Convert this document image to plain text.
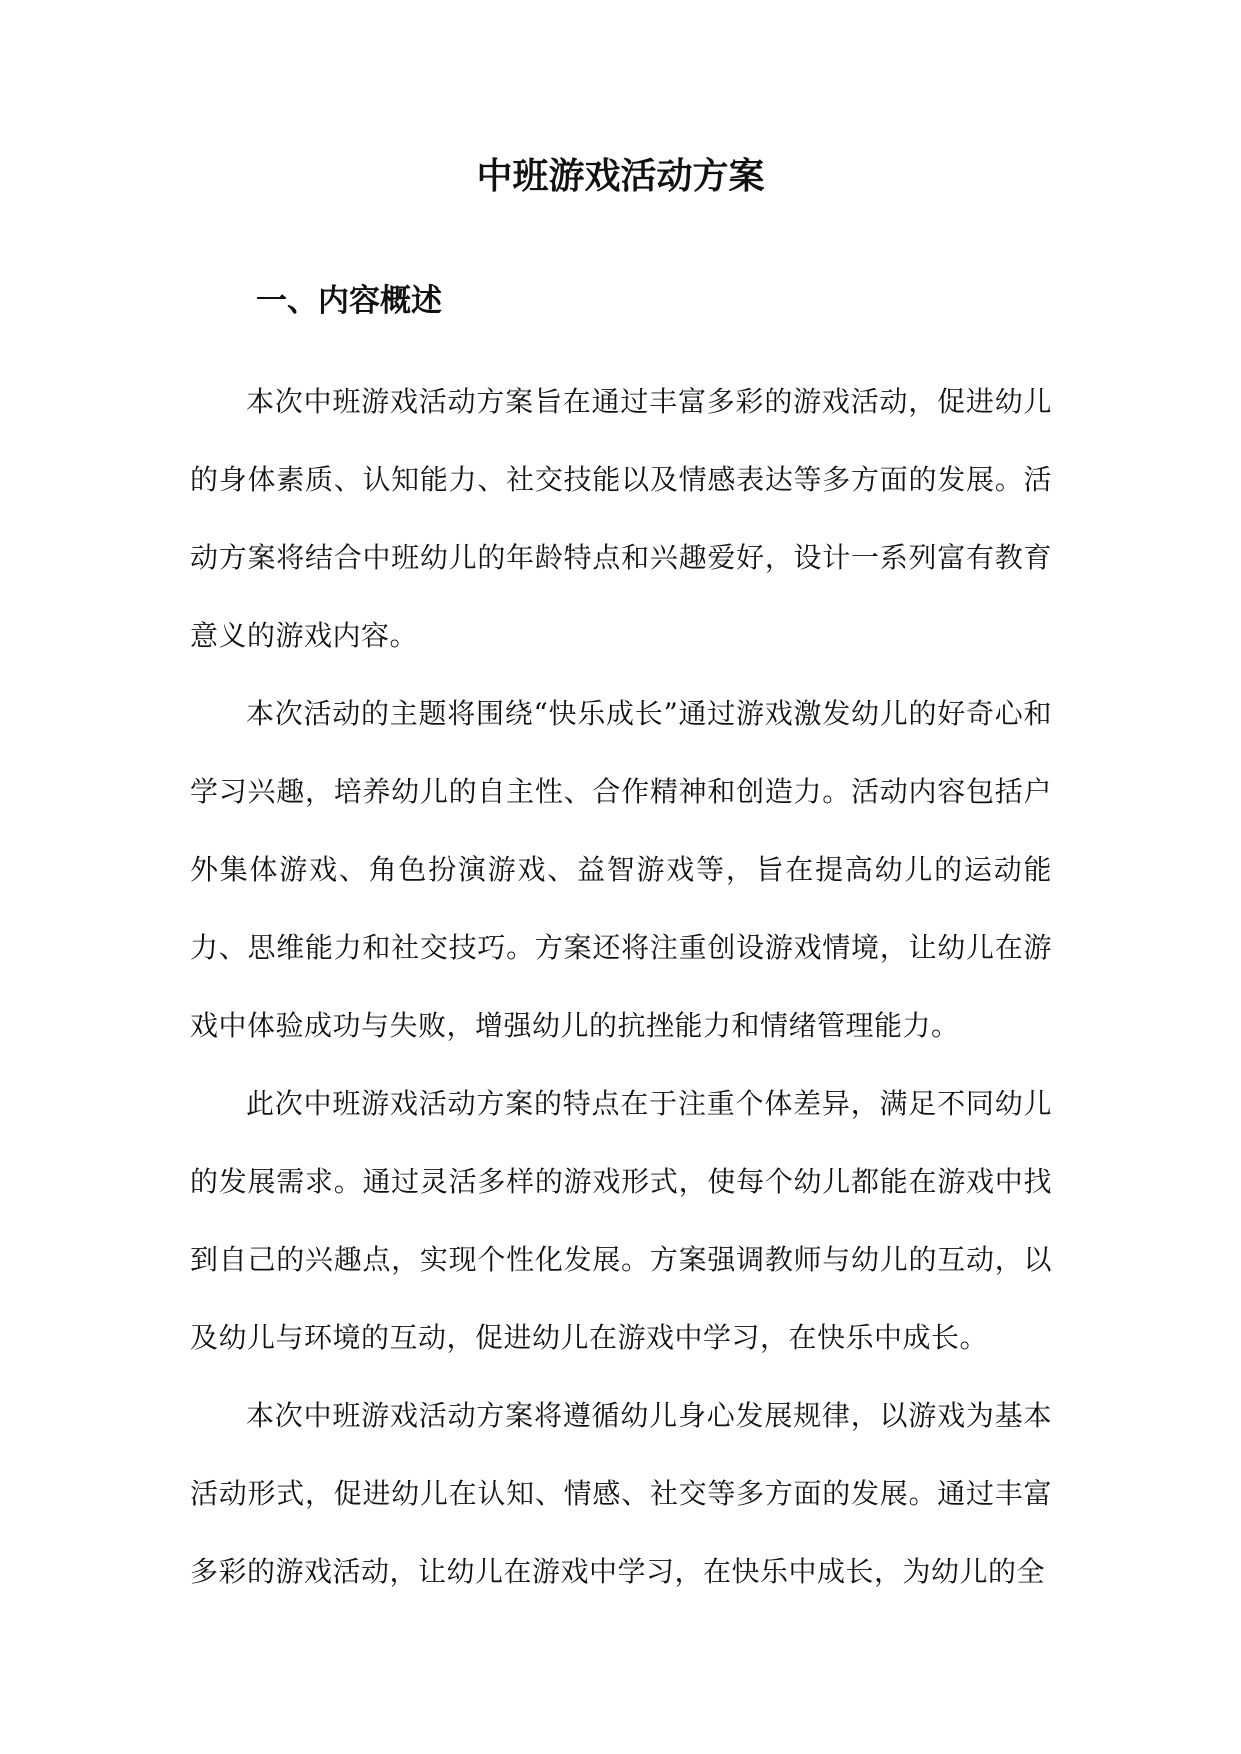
中班游戏活动方案
一、内容概述

本次中班游戏活动方案旨在通过丰富多彩的游戏活动，促进幼儿的身体素质、认知能力、社交技能以及情感表达等多方面的发展。活动方案将结合中班幼儿的年龄特点和兴趣爱好，设计一系列富有教育意义的游戏内容。

本次活动的主题将围绕“快乐成长”通过游戏激发幼儿的好奇心和学习兴趣，培养幼儿的自主性、合作精神和创造力。活动内容包括户外集体游戏、角色扮演游戏、益智游戏等，旨在提高幼儿的运动能力、思维能力和社交技巧。方案还将注重创设游戏情境，让幼儿在游戏中体验成功与失败，增强幼儿的抗挫能力和情绪管理能力。

此次中班游戏活动方案的特点在于注重个体差异，满足不同幼儿的发展需求。通过灵活多样的游戏形式，使每个幼儿都能在游戏中找到自己的兴趣点，实现个性化发展。方案强调教师与幼儿的互动，以及幼儿与环境的互动，促进幼儿在游戏中学习，在快乐中成长。

本次中班游戏活动方案将遵循幼儿身心发展规律，以游戏为基本活动形式，促进幼儿在认知、情感、社交等多方面的发展。通过丰富多彩的游戏活动，让幼儿在游戏中学习，在快乐中成长，为幼儿的全
